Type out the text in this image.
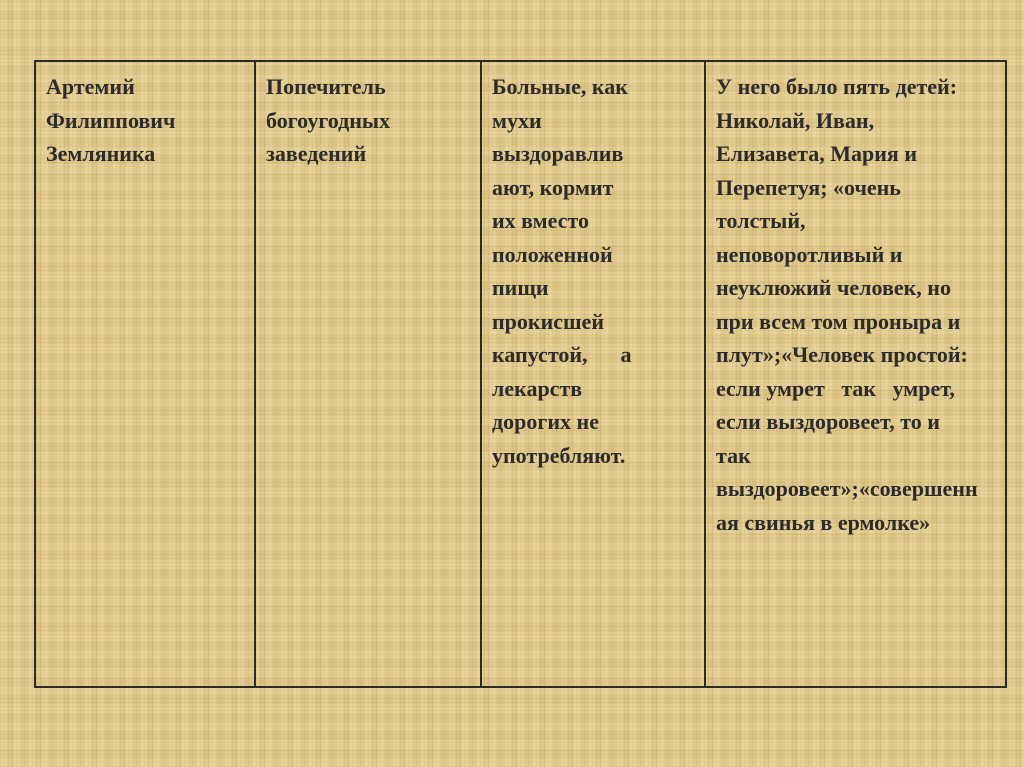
Артемий
Филиппович
Земляника

Попечитель
богоугодных
заведений

Больные, как
мухи
выздоравлив
ают, кормит
их вместо
положенной
пищи
прокисшей
капустой,      а
лекарств
дорогих не
употребляют.

У него было пять детей:
Николай, Иван,
Елизавета, Мария и
Перепетуя; «очень
толстый,
неповоротливый и
неуклюжий человек, но
при всем том проныра и
плут»;«Человек простой:
если умрет   так   умрет,
если выздоровеет, то и
так
выздоровеет»;«совершенн
ая свинья в ермолке»
